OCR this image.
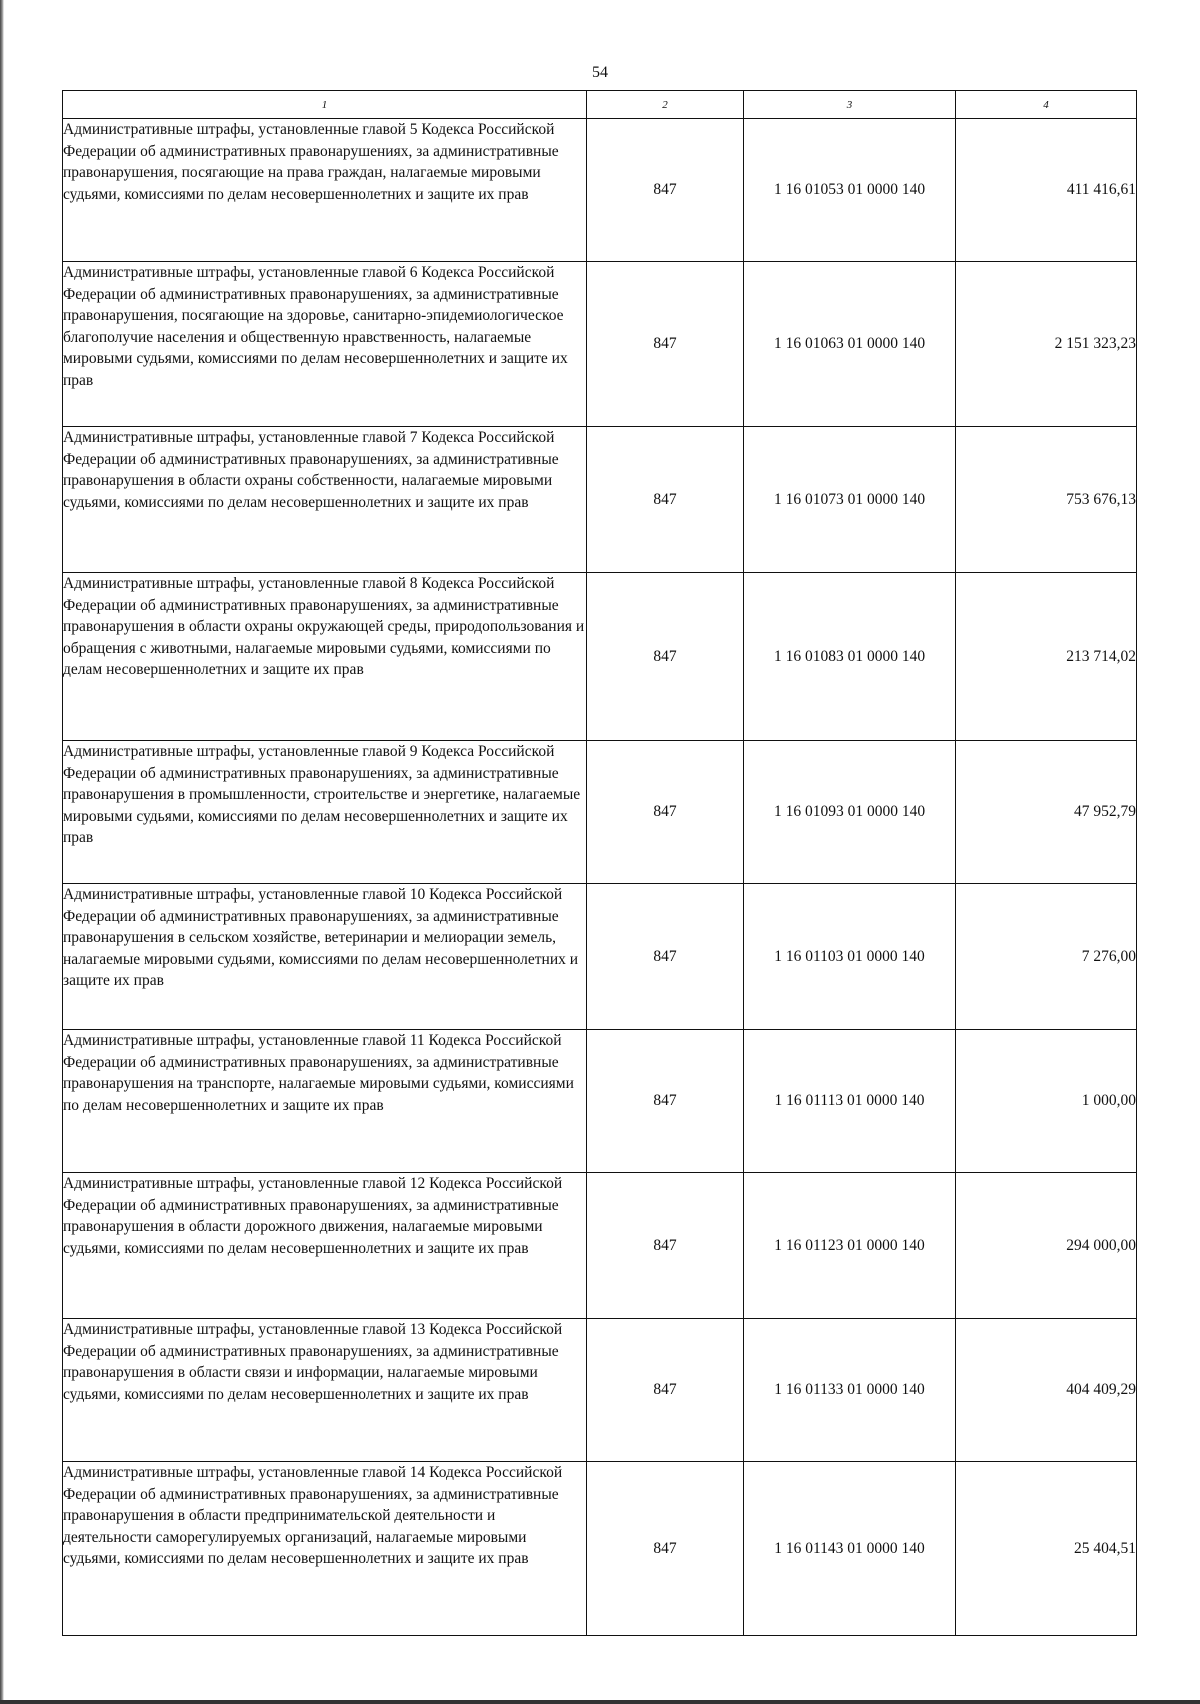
54
1	2	3	4
Административные штрафы, установленные главой 5 Кодекса Российской Федерации об административных правонарушениях, за административные правонарушения, посягающие на права граждан, налагаемые мировыми судьями, комиссиями по делам несовершеннолетних и защите их прав	847	1 16 01053 01 0000 140	411 416,61
Административные штрафы, установленные главой 6 Кодекса Российской Федерации об административных правонарушениях, за административные правонарушения, посягающие на здоровье, санитарно-эпидемиологическое благополучие населения и общественную нравственность, налагаемые мировыми судьями, комиссиями по делам несовершеннолетних и защите их прав	847	1 16 01063 01 0000 140	2 151 323,23
Административные штрафы, установленные главой 7 Кодекса Российской Федерации об административных правонарушениях, за административные правонарушения в области охраны собственности, налагаемые мировыми судьями, комиссиями по делам несовершеннолетних и защите их прав	847	1 16 01073 01 0000 140	753 676,13
Административные штрафы, установленные главой 8 Кодекса Российской Федерации об административных правонарушениях, за административные правонарушения в области охраны окружающей среды, природопользования и обращения с животными, налагаемые мировыми судьями, комиссиями по делам несовершеннолетних и защите их прав	847	1 16 01083 01 0000 140	213 714,02
Административные штрафы, установленные главой 9 Кодекса Российской Федерации об административных правонарушениях, за административные правонарушения в промышленности, строительстве и энергетике, налагаемые мировыми судьями, комиссиями по делам несовершеннолетних и защите их прав	847	1 16 01093 01 0000 140	47 952,79
Административные штрафы, установленные главой 10 Кодекса Российской Федерации об административных правонарушениях, за административные правонарушения в сельском хозяйстве, ветеринарии и мелиорации земель, налагаемые мировыми судьями, комиссиями по делам несовершеннолетних и защите их прав	847	1 16 01103 01 0000 140	7 276,00
Административные штрафы, установленные главой 11 Кодекса Российской Федерации об административных правонарушениях, за административные правонарушения на транспорте, налагаемые мировыми судьями, комиссиями по делам несовершеннолетних и защите их прав	847	1 16 01113 01 0000 140	1 000,00
Административные штрафы, установленные главой 12 Кодекса Российской Федерации об административных правонарушениях, за административные правонарушения в области дорожного движения, налагаемые мировыми судьями, комиссиями по делам несовершеннолетних и защите их прав	847	1 16 01123 01 0000 140	294 000,00
Административные штрафы, установленные главой 13 Кодекса Российской Федерации об административных правонарушениях, за административные правонарушения в области связи и информации, налагаемые мировыми судьями, комиссиями по делам несовершеннолетних и защите их прав	847	1 16 01133 01 0000 140	404 409,29
Административные штрафы, установленные главой 14 Кодекса Российской Федерации об административных правонарушениях, за административные правонарушения в области предпринимательской деятельности и деятельности саморегулируемых организаций, налагаемые мировыми судьями, комиссиями по делам несовершеннолетних и защите их прав	847	1 16 01143 01 0000 140	25 404,51
